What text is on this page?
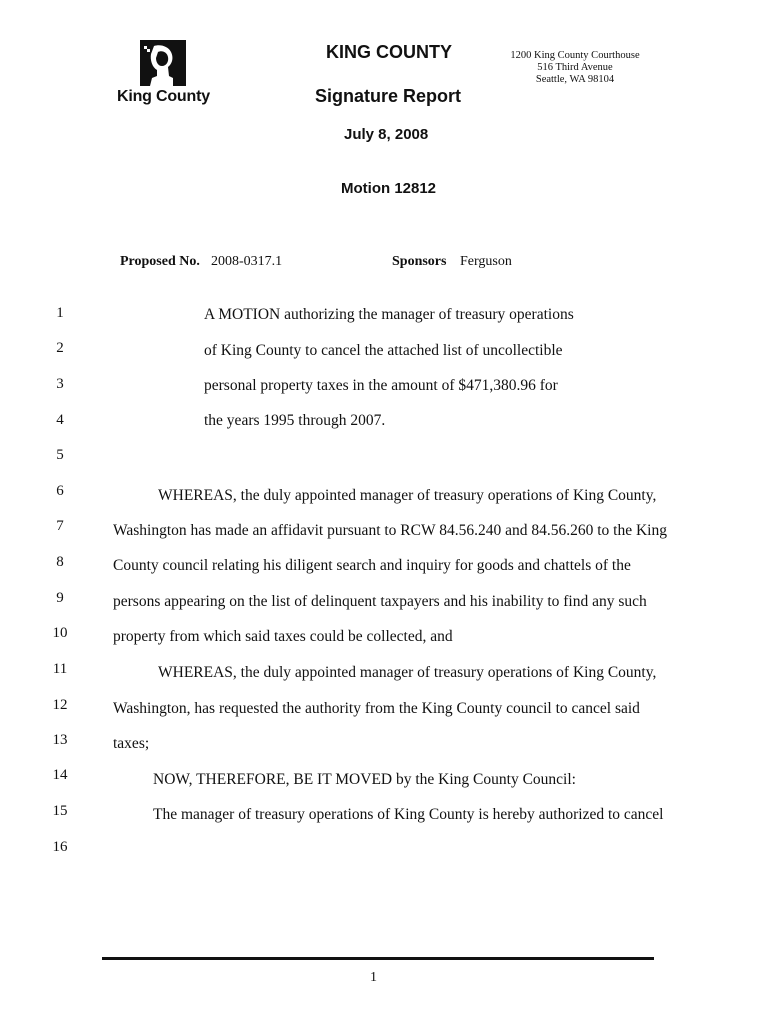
King County
KING COUNTY
Signature Report
July 8, 2008
Motion 12812
1200 King County Courthouse
516 Third Avenue
Seattle, WA 98104
Proposed No. 2008-0317.1	Sponsors Ferguson
1
2
3
4
5
6
7
8
9
10
11
12
13
14
15
16
A MOTION authorizing the manager of treasury operations
of King County to cancel the attached list of uncollectible
personal property taxes in the amount of $471,380.96 for
the years 1995 through 2007.
WHEREAS, the duly appointed manager of treasury operations of King County,
Washington has made an affidavit pursuant to RCW 84.56.240 and 84.56.260 to the King
County council relating his diligent search and inquiry for goods and chattels of the
persons appearing on the list of delinquent taxpayers and his inability to find any such
property from which said taxes could be collected, and
WHEREAS, the duly appointed manager of treasury operations of King County,
Washington, has requested the authority from the King County council to cancel said
taxes;
NOW, THEREFORE, BE IT MOVED by the King County Council:
The manager of treasury operations of King County is hereby authorized to cancel
1
